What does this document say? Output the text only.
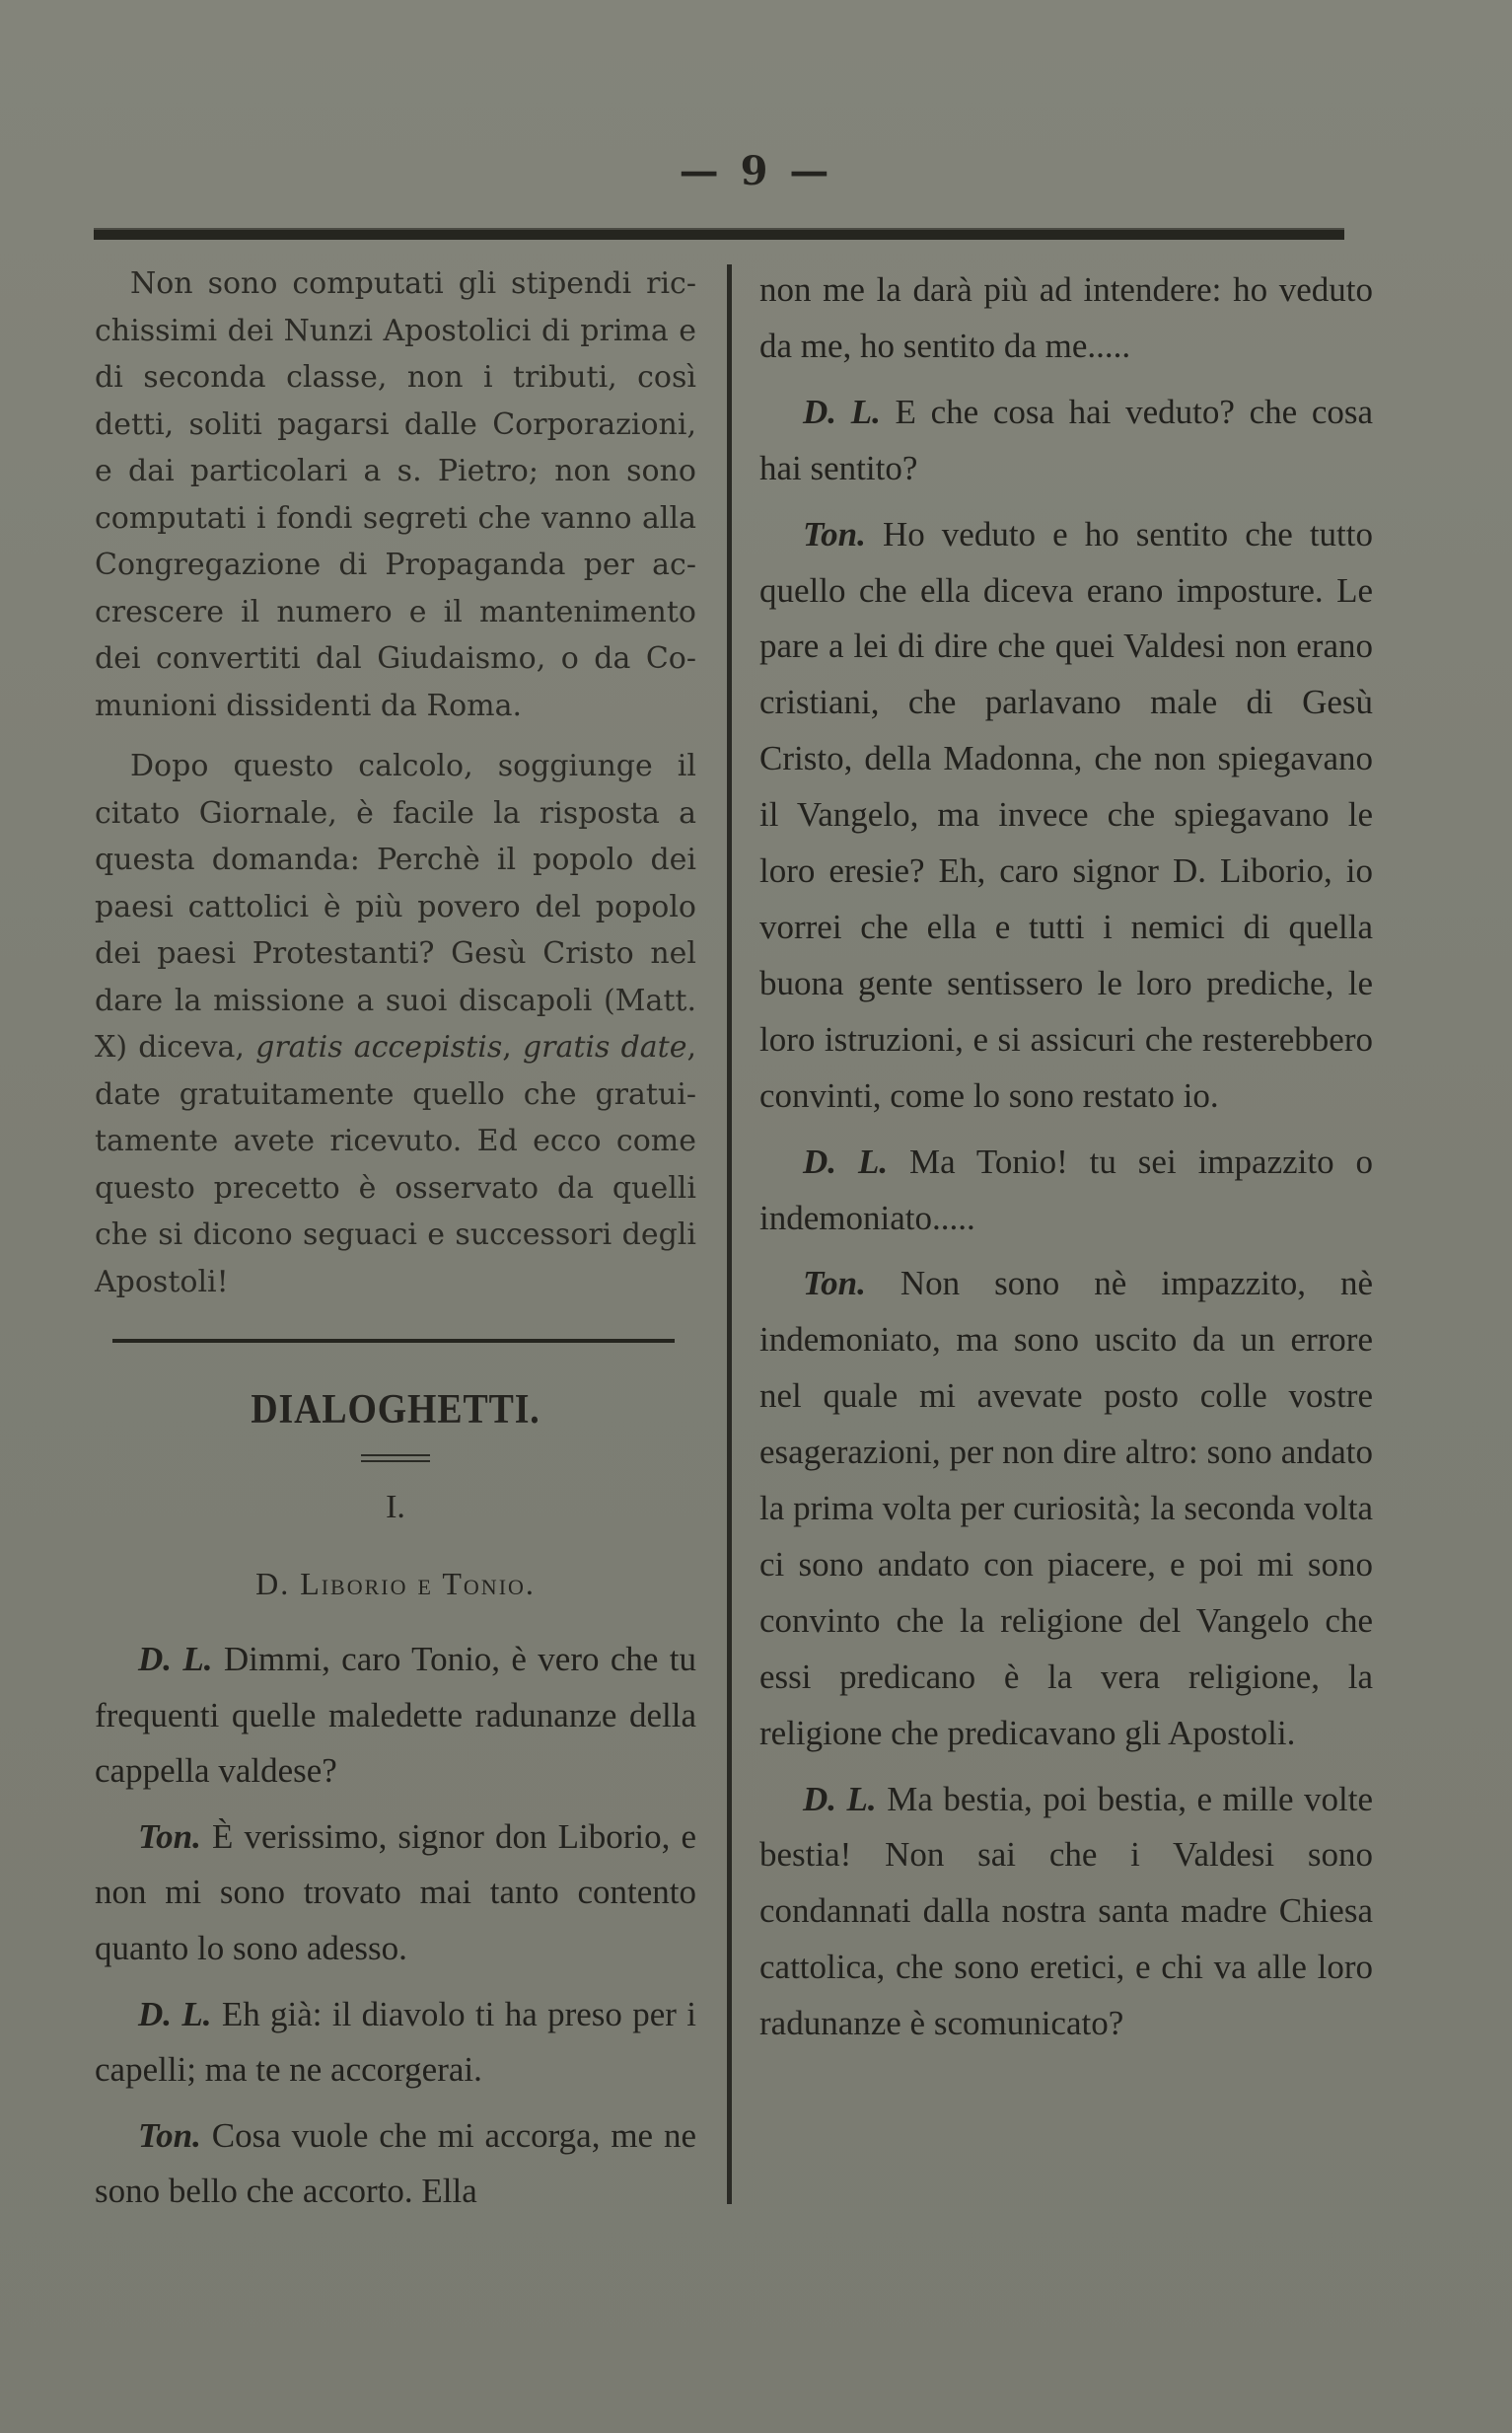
— 9 —

Non sono computati gli stipendi ricchissimi dei Nunzi Apostolici di prima e di seconda classe, non i tributi, così detti, soliti pagarsi dalle Corporazioni, e dai particolari a s. Pietro; non sono computati i fondi segreti che vanno alla Congregazione di Propaganda per accrescere il numero e il mantenimento dei convertiti dal Giudaismo, o da Comunioni dissidenti da Roma.

Dopo questo calcolo, soggiunge il citato Giornale, è facile la risposta a questa domanda: Perchè il popolo dei paesi cattolici è più povero del popolo dei paesi Protestanti? Gesù Cristo nel dare la missione a suoi discapoli (Matt. X) diceva, gratis accepistis, gratis date, date gratuitamente quello che gratuitamente avete ricevuto. Ed ecco come questo precetto è osservato da quelli che si dicono seguaci e successori degli Apostoli!

DIALOGHETTI.
I.
D. Liborio e Tonio.

D. L. Dimmi, caro Tonio, è vero che tu frequenti quelle maledette radunanze della cappella valdese?

Ton. È verissimo, signor don Liborio, e non mi sono trovato mai tanto contento quanto lo sono adesso.

D. L. Eh già: il diavolo ti ha preso per i capelli; ma te ne accorgerai.

Ton. Cosa vuole che mi accorga, me ne sono bello che accorto. Ella

non me la darà più ad intendere: ho veduto da me, ho sentito da me.....

D. L. E che cosa hai veduto? che cosa hai sentito?

Ton. Ho veduto e ho sentito che tutto quello che ella diceva erano imposture. Le pare a lei di dire che quei Valdesi non erano cristiani, che parlavano male di Gesù Cristo, della Madonna, che non spiegavano il Vangelo, ma invece che spiegavano le loro eresie? Eh, caro signor D. Liborio, io vorrei che ella e tutti i nemici di quella buona gente sentissero le loro prediche, le loro istruzioni, e si assicuri che resterebbero convinti, come lo sono restato io.

D. L. Ma Tonio! tu sei impazzito o indemoniato.....

Ton. Non sono nè impazzito, nè indemoniato, ma sono uscito da un errore nel quale mi avevate posto colle vostre esagerazioni, per non dire altro: sono andato la prima volta per curiosità; la seconda volta ci sono andato con piacere, e poi mi sono convinto che la religione del Vangelo che essi predicano è la vera religione, la religione che predicavano gli Apostoli.

D. L. Ma bestia, poi bestia, e mille volte bestia! Non sai che i Valdesi sono condannati dalla nostra santa madre Chiesa cattolica, che sono eretici, e chi va alle loro radunanze è scomunicato?
